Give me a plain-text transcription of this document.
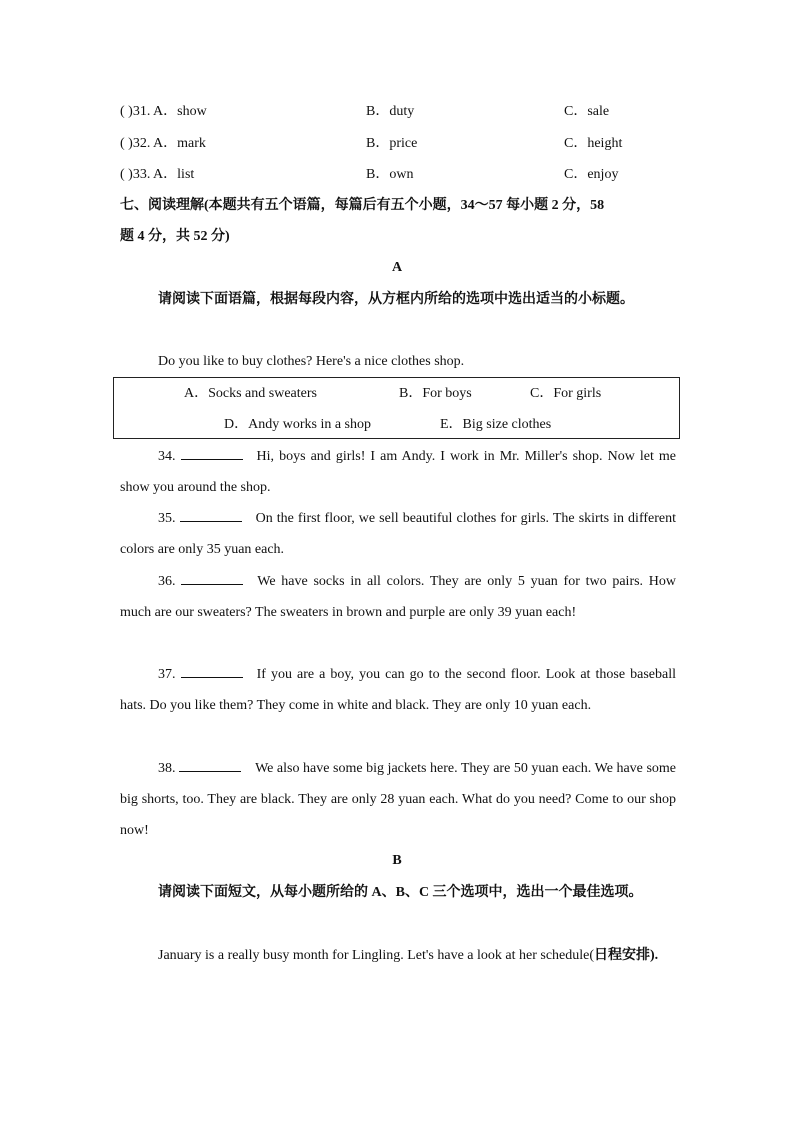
( )31. A．show	B．duty	C．sale
( )32. A．mark	B．price	C．height
( )33. A．list	B．own	C．enjoy
七、阅读理解(本题共有五个语篇，每篇后有五个小题，34～57 每小题 2 分，58
题 4 分，共 52 分)
A
请阅读下面语篇，根据每段内容，从方框内所给的选项中选出适当的小标题。
Do you like to buy clothes? Here's a nice clothes shop.
A．Socks and sweaters	B．For boys	C．For girls
D．Andy works in a shop	E．Big size clothes
34.	Hi, boys and girls! I am Andy. I work in Mr. Miller's shop. Now let me show you around the shop.
35.	On the first floor, we sell beautiful clothes for girls. The skirts in different colors are only 35 yuan each.
36.	We have socks in all colors. They are only 5 yuan for two pairs. How much are our sweaters? The sweaters in brown and purple are only 39 yuan each!
37.	If you are a boy, you can go to the second floor. Look at those baseball hats. Do you like them? They come in white and black. They are only 10 yuan each.
38.	We also have some big jackets here. They are 50 yuan each. We have some big shorts, too. They are black. They are only 28 yuan each. What do you need? Come to our shop now!
B
请阅读下面短文，从每小题所给的 A、B、C 三个选项中，选出一个最佳选项。
January is a really busy month for Lingling. Let's have a look at her schedule(日程安排).
